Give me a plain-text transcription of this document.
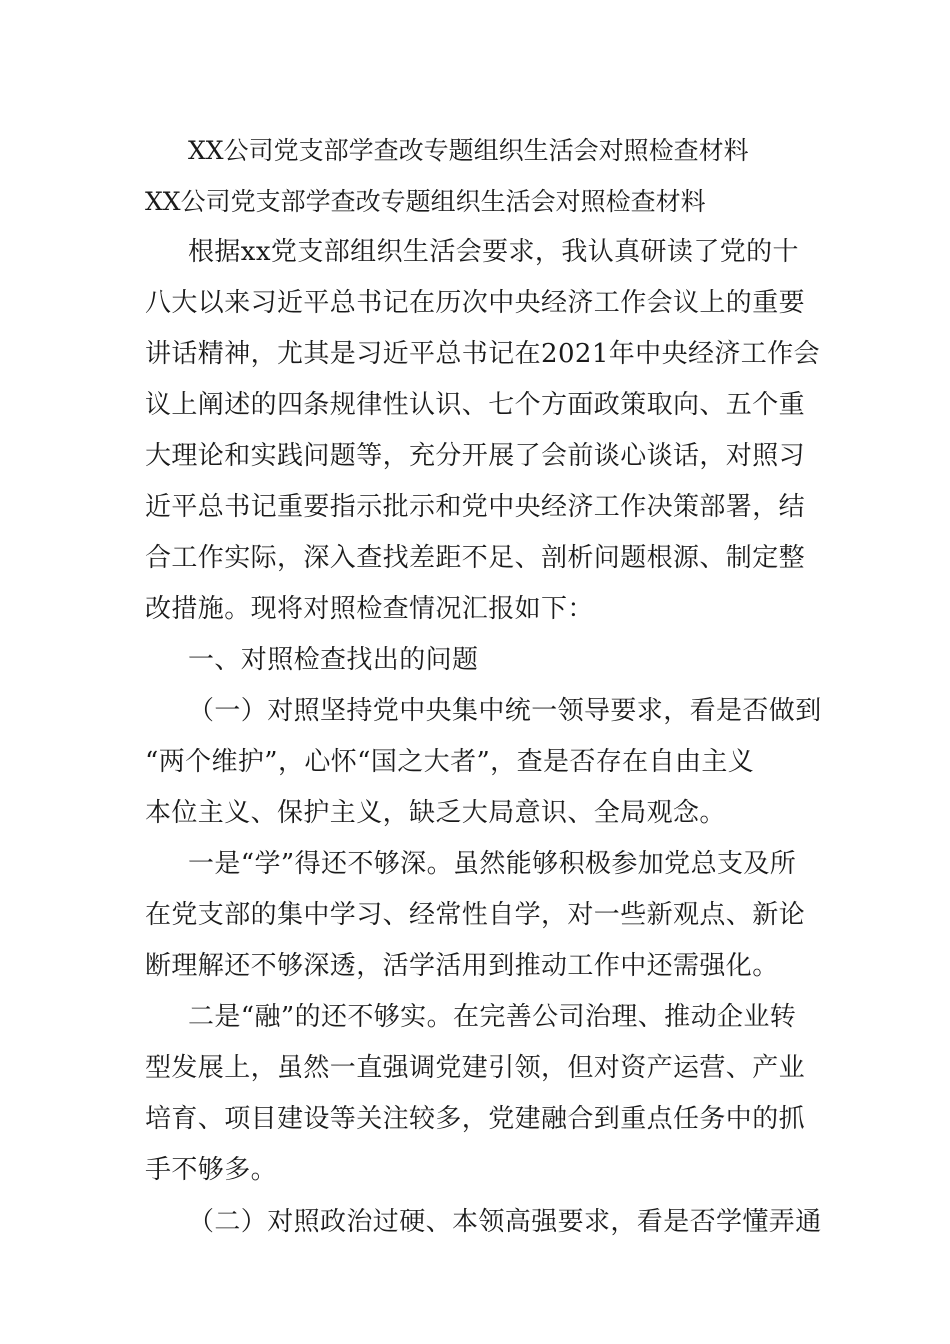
XX公司党支部学查改专题组织生活会对照检查材料
XX公司党支部学查改专题组织生活会对照检查材料
根据xx党支部组织生活会要求，我认真研读了党的十
八大以来习近平总书记在历次中央经济工作会议上的重要
讲话精神，尤其是习近平总书记在2021年中央经济工作会
议上阐述的四条规律性认识、七个方面政策取向、五个重
大理论和实践问题等，充分开展了会前谈心谈话，对照习
近平总书记重要指示批示和党中央经济工作决策部署，结
合工作实际，深入查找差距不足、剖析问题根源、制定整
改措施。现将对照检查情况汇报如下：
一、对照检查找出的问题
（一）对照坚持党中央集中统一领导要求，看是否做到
“两个维护”，心怀“国之大者”，查是否存在自由主义
本位主义、保护主义，缺乏大局意识、全局观念。
一是“学”得还不够深。虽然能够积极参加党总支及所
在党支部的集中学习、经常性自学，对一些新观点、新论
断理解还不够深透，活学活用到推动工作中还需强化。
二是“融”的还不够实。在完善公司治理、推动企业转
型发展上，虽然一直强调党建引领，但对资产运营、产业
培育、项目建设等关注较多，党建融合到重点任务中的抓
手不够多。
（二）对照政治过硬、本领高强要求，看是否学懂弄通
